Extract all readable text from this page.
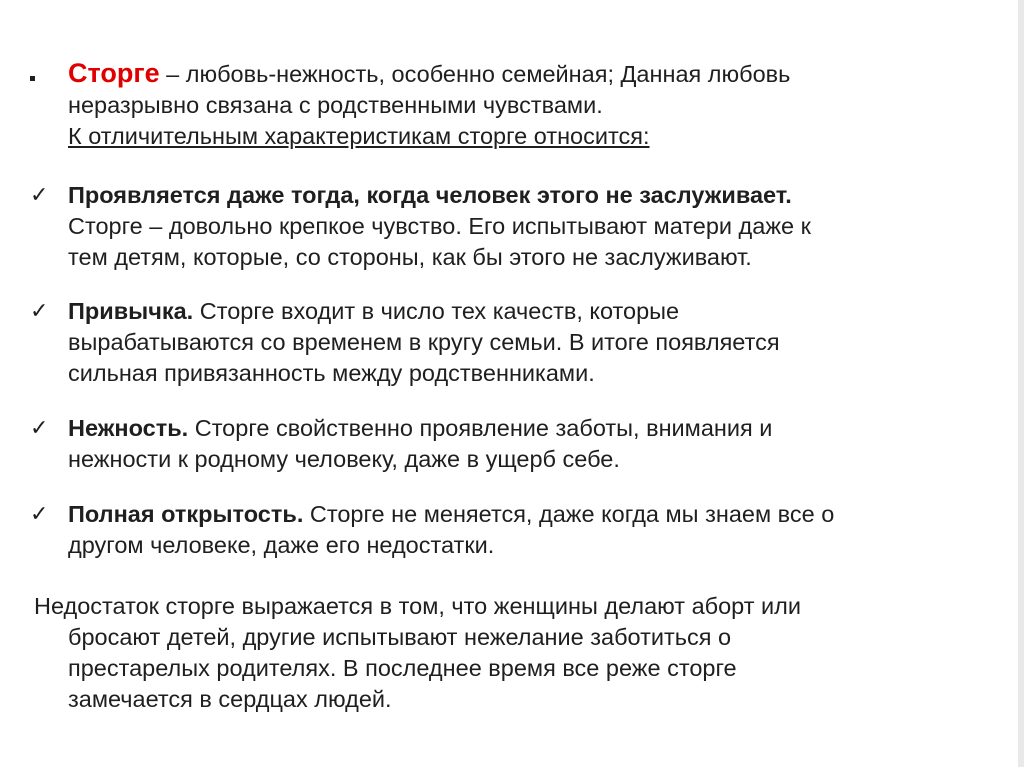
Сторге – любовь-нежность, особенно семейная; Данная любовь
неразрывно связана с родственными чувствами.
К отличительным характеристикам сторге относится:
✓ Проявляется даже тогда, когда человек этого не заслуживает.
Сторге – довольно крепкое чувство. Его испытывают матери даже к
тем детям, которые, со стороны, как бы этого не заслуживают.
✓ Привычка. Сторге входит в число тех качеств, которые
вырабатываются со временем в кругу семьи. В итоге появляется
сильная привязанность между родственниками.
✓ Нежность. Сторге свойственно проявление заботы, внимания и
нежности к родному человеку, даже в ущерб себе.
✓ Полная открытость. Сторге не меняется, даже когда мы знаем все о
другом человеке, даже его недостатки.
Недостаток сторге выражается в том, что женщины делают аборт или
бросают детей, другие испытывают нежелание заботиться о
престарелых родителях. В последнее время все реже сторге
замечается в сердцах людей.
